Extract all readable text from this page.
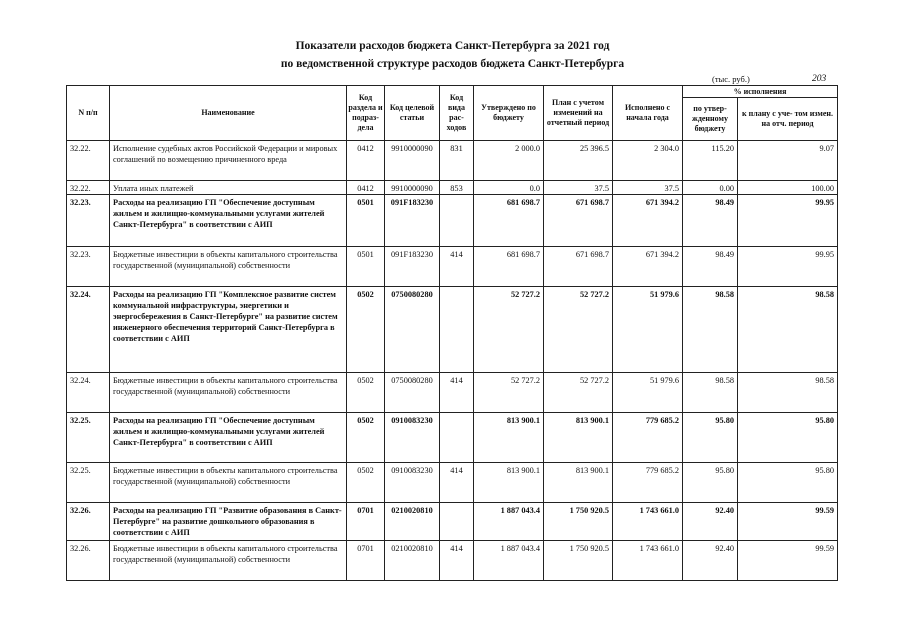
Показатели расходов бюджета Санкт-Петербурга за 2021 год
по ведомственной структуре расходов бюджета Санкт-Петербурга
(тыс. руб.)	203
N п/п	Наименование	Код раздела и подраз- дела	Код целевой статьи	Код вида рас- ходов	Утверждено по бюджету	План с учетом изменений на отчетный период	Исполнено с начала года	% исполнения	
								по утвер- жденному бюджету	к плану с уче- том измен. на отч. период
32.22.	Исполнение судебных актов Российской Федерации и мировых соглашений по возмещению причиненного вреда	0412	9910000090	831	2 000.0	25 396.5	2 304.0	115.20	9.07
32.22.	Уплата иных платежей	0412	9910000090	853	0.0	37.5	37.5	0.00	100.00
32.23.	Расходы на реализацию ГП "Обеспечение доступным жильем и жилищно-коммунальными услугами жителей Санкт-Петербурга" в соответствии с АИП	0501	091F183230		681 698.7	671 698.7	671 394.2	98.49	99.95
32.23.	Бюджетные инвестиции в объекты капитального строительства государственной (муниципальной) собственности	0501	091F183230	414	681 698.7	671 698.7	671 394.2	98.49	99.95
32.24.	Расходы на реализацию ГП "Комплексное развитие систем коммунальной инфраструктуры, энергетики и энергосбережения в Санкт-Петербурге" на развитие систем инженерного обеспечения территорий Санкт-Петербурга в соответствии с АИП	0502	0750080280		52 727.2	52 727.2	51 979.6	98.58	98.58
32.24.	Бюджетные инвестиции в объекты капитального строительства государственной (муниципальной) собственности	0502	0750080280	414	52 727.2	52 727.2	51 979.6	98.58	98.58
32.25.	Расходы на реализацию ГП "Обеспечение доступным жильем и жилищно-коммунальными услугами жителей Санкт-Петербурга" в соответствии с АИП	0502	0910083230		813 900.1	813 900.1	779 685.2	95.80	95.80
32.25.	Бюджетные инвестиции в объекты капитального строительства государственной (муниципальной) собственности	0502	0910083230	414	813 900.1	813 900.1	779 685.2	95.80	95.80
32.26.	Расходы на реализацию ГП "Развитие образования в Санкт-Петербурге" на развитие дошкольного образования в соответствии с АИП	0701	0210020810		1 887 043.4	1 750 920.5	1 743 661.0	92.40	99.59
32.26.	Бюджетные инвестиции в объекты капитального строительства государственной (муниципальной) собственности	0701	0210020810	414	1 887 043.4	1 750 920.5	1 743 661.0	92.40	99.59
